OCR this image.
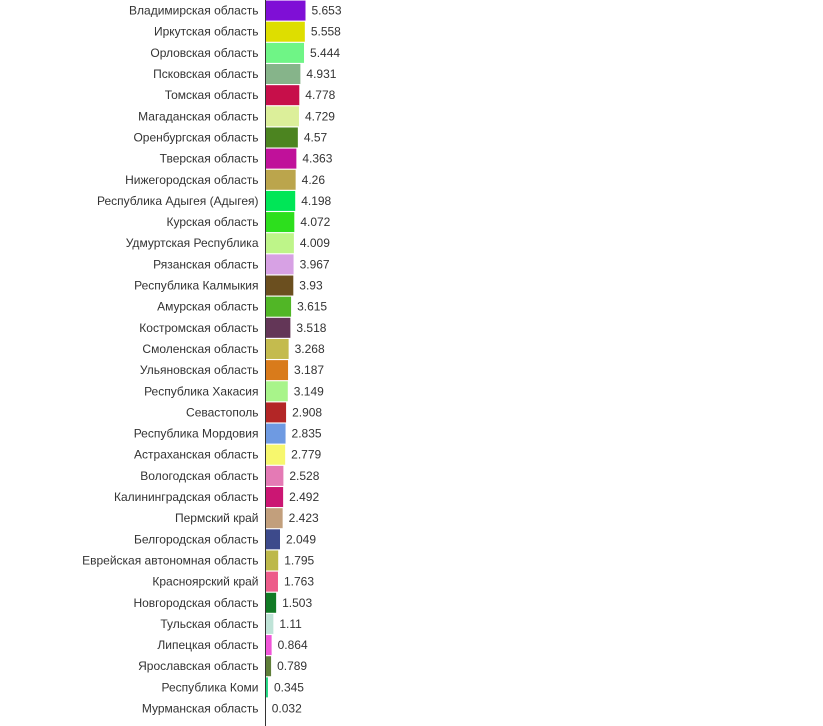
Владимирская область
Иркутская область
Орловская область
Псковская область
Томская область
Магаданская область
Оренбургская область
Тверская область
Нижегородская область
Республика Адыгея (Адыгея)
Курская область
Удмуртская Республика
Рязанская область
Республика Калмыкия
Амурская область
Костромская область
Смоленская область
Ульяновская область
Республика Хакасия
Севастополь
Республика Мордовия
Астраханская область
Вологодская область
Калининградская область
Пермский край
Белгородская область
Еврейская автономная область
Красноярский край
Новгородская область
Тульская область
Липецкая область
Ярославская область
Республика Коми
Мурманская область
5.653
5.558
5.444
4.931
4.778
4.729
4.57
4.363
4.26
4.198
4.072
4.009
3.967
3.93
3.615
3.518
3.268
3.187
3.149
2.908
2.835
2.779
2.528
2.492
2.423
2.049
1.795
1.763
1.503
1.11
0.864
0.789
0.345
0.032
